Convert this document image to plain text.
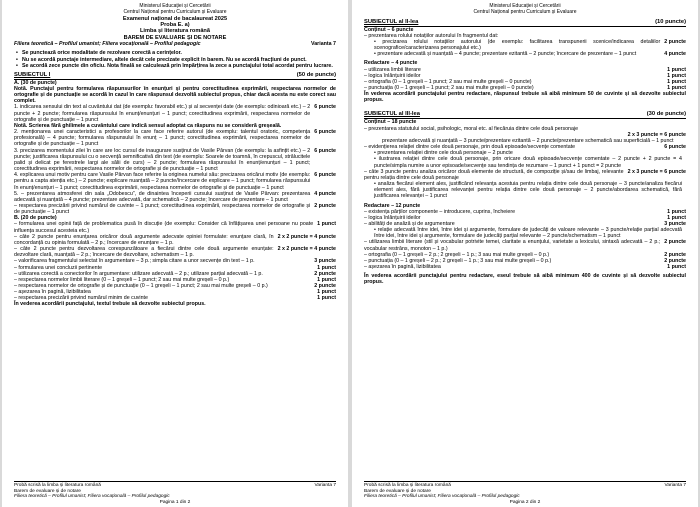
Ministerul Educației și Cercetării
Centrul Național pentru Curriculum și Evaluare
Examenul național de bacalaureat 2025
Proba E. a)
Limba și literatura română
BAREM DE EVALUARE ȘI DE NOTARE
Filiera teoretică – Profilul umanist; Filiera vocațională – Profilul pedagogic	Varianta 7
• Se punctează orice modalitate de rezolvare corectă a cerințelor.
• Nu se acordă punctaje intermediare, altele decât cele precizate explicit în barem. Nu se acordă fracțiuni de punct.
• Se acordă zece puncte din oficiu. Nota finală se calculează prin împărțirea la zece a punctajului total acordat pentru lucrare.
SUBIECTUL I	(50 de puncte)
A. (30 de puncte)
Notă. Punctajul pentru formularea răspunsurilor în enunțuri și pentru corectitudinea exprimării, respectarea normelor de ortografie și de punctuație se acordă în cazul în care răspunsul dezvoltă subiectul propus, chiar dacă acesta nu este corect sau complet.
1. indicarea sensului din text al cuvântului dat (de exemplu: favorabil etc.) și al secvenței date (de exemplu: odinioară etc.) – 2 puncte + 2 puncte; formularea răspunsului în enunț/enunțuri – 1 punct; corectitudinea exprimării, respectarea normelor de ortografie și de punctuație – 1 punct
6 puncte
Notă. Scrierea fără ghilimele a cuvântului care indică sensul adoptat ca răspuns nu se consideră greșeală.
2. menționarea unei caracteristici a profesorilor la care face referire autorul (de exemplu: talentul oratoric, competența profesională) – 4 puncte; formularea răspunsului în enunț – 1 punct; corectitudinea exprimării, respectarea normelor de ortografie și de punctuație – 1 punct
6 puncte
3. precizarea momentului zilei în care are loc cursul de inaugurare susținut de Vasile Pârvan (de exemplu: la asfințit etc.) – 2 puncte; justificarea răspunsului cu o secvență semnificativă din text (de exemplu: Soarele de toamnă, în crepuscul, strălucitele palid și delicat pe ferestrele largi ale sălii de curs) – 2 puncte; formularea răspunsului în enunț/enunțuri – 1 punct; corectitudinea exprimării, respectarea normelor de ortografie și de punctuație – 1 punct
6 puncte
4. explicarea unui motiv pentru care Vasile Pârvan face referire la originea numelui său: precizarea oricărui motiv (de exemplu: pentru a capta atenția etc.) – 2 puncte; explicare nuanțată – 2 puncte/încercare de explicare – 1 punct; formularea răspunsului în enunț/enunțuri – 1 punct; corectitudinea exprimării, respectarea normelor de ortografie și de punctuație – 1 punct
6 puncte
5. – prezentarea atmosferei din sala „Odobescu”, de dinaintea începerii cursului susținut de Vasile Pârvan: prezentarea adecvată și nuanțată – 4 puncte; prezentare adecvată, dar schematică – 2 puncte; încercare de prezentare – 1 punct
4 puncte
– respectarea precizării privind numărul de cuvinte – 1 punct; corectitudinea exprimării, respectarea normelor de ortografie și de punctuație – 1 punct
2 puncte
B. (20 de puncte)
– formularea unei opinii față de problematica pusă în discuție (de exemplu: Consider că înfățișarea unei persoane nu poate influența succesul acesteia etc.)
1 punct
– câte 2 puncte pentru enunțarea oricăror două argumente adecvate opiniei formulate: enunțare clară, în concordanță cu opinia formulată – 2 p.; încercare de enunțare – 1 p.
2 x 2 puncte = 4 puncte
– câte 2 puncte pentru dezvoltarea corespunzătoare a fiecărui dintre cele două argumente enunțate: dezvoltare clară, nuanțată – 2 p.; încercare de dezvoltare, schematism – 1 p.
2 x 2 puncte = 4 puncte
– valorificarea fragmentului selectat în argumentare – 3 p.; simpla citare a unor secvențe din text – 1 p.	3 puncte
– formularea unei concluzii pertinente	1 punct
– utilizarea corectă a conectorilor în argumentare: utilizare adecvată – 2 p.; utilizare parțial adecvată – 1 p.	2 puncte
– respectarea normelor limbii literare (0 – 1 greșeli – 1 punct; 2 sau mai multe greșeli – 0 p.)	1 punct
– respectarea normelor de ortografie și de punctuație (0 – 1 greșeli – 1 punct; 2 sau mai multe greșeli – 0 p.)	2 puncte
– așezarea în pagină, lizibilitatea	1 punct
– respectarea precizării privind numărul minim de cuvinte	1 punct
În vederea acordării punctajului, textul trebuie să dezvolte subiectul propus.
Probă scrisă la limba și literatura română	Varianta 7
Barem de evaluare și de notare
Filiera teoretică – Profilul umanist; Filiera vocațională – Profilul pedagogic
Pagina 1 din 2
Ministerul Educației și Cercetării
Centrul Național pentru Curriculum și Evaluare
SUBIECTUL al II-lea	(10 puncte)
Conținut – 6 puncte
– prezentarea rolului notațiilor autorului în fragmentul dat:
• precizarea rolului notațiilor autorului (de exemplu: facilitarea transpunerii scenice/indicarea detaliilor scenografice/caracterizarea personajului etc.)
2 puncte
• prezentare adecvată și nuanțată – 4 puncte; prezentare ezitantă – 2 puncte; încercare de prezentare – 1 punct	4 puncte
Redactare – 4 puncte
– utilizarea limbii literare	1 punct
– logica înlănțuirii ideilor	1 punct
– ortografia (0 – 1 greșeli – 1 punct; 2 sau mai multe greșeli – 0 puncte)	1 punct
– punctuația (0 – 1 greșeli – 1 punct; 2 sau mai multe greșeli – 0 puncte)	1 punct
În vederea acordării punctajului pentru redactare, răspunsul trebuie să aibă minimum 50 de cuvinte și să dezvolte subiectul propus.
SUBIECTUL al III-lea	(30 de puncte)
Conținut – 18 puncte
– prezentarea statutului social, psihologic, moral etc. al fiecăruia dintre cele două personaje
2 x 3 puncte = 6 puncte
prezentare adecvată și nuanțată – 3 puncte/prezentare ezitantă – 2 puncte/prezentare schematică sau superficială – 1 punct
– evidențierea relației dintre cele două personaje, prin două episoade/secvențe comentate	6 puncte
• prezentarea relației dintre cele două personaje – 2 puncte
• ilustrarea relației dintre cele două personaje, prin oricare două episoade/secvențe comentate – 2 puncte + 2 puncte = 4 puncte/simpla numire a unor episoade/secvențe sau tendința de rezumare – 1 punct + 1 punct = 2 puncte
– câte 3 puncte pentru analiza oricăror două elemente de structură, de compoziție și/sau de limbaj, relevante pentru relația dintre cele două personaje
2 x 3 puncte = 6 puncte
• analiza fiecărui element ales, justificând relevanța acestuia pentru relația dintre cele două personaje – 3 puncte/analiza fiecărui element ales, fără justificarea relevanței pentru relația dintre cele două personaje – 2 puncte/abordarea schematică, fără justificarea relevanței – 1 punct
Redactare – 12 puncte
– existența părților componente – introducere, cuprins, încheiere	1 punct
– logica înlănțuirii ideilor	1 punct
– abilități de analiză și de argumentare	3 puncte
• relație adecvată între idei, între idei și argumente, formulare de judecăți de valoare relevante – 3 puncte/relație parțial adecvată între idei, între idei și argumente, formulare de judecăți parțial relevante – 2 puncte/schematism – 1 punct
– utilizarea limbii literare (stil și vocabular potrivite temei, claritate a enunțului, varietate a lexicului, sintaxă adecvată – 2 p.; vocabular restrâns, monoton – 1 p.)
2 puncte
– ortografia (0 – 1 greșeli – 2 p.; 2 greșeli – 1 p.; 3 sau mai multe greșeli – 0 p.)	2 puncte
– punctuația (0 – 1 greșeli – 2 p.; 2 greșeli – 1 p.; 3 sau mai multe greșeli – 0 p.)	2 puncte
– așezarea în pagină, lizibilitatea	1 punct
În vederea acordării punctajului pentru redactare, eseul trebuie să aibă minimum 400 de cuvinte și să dezvolte subiectul propus.
Probă scrisă la limba și literatura română	Varianta 7
Barem de evaluare și de notare
Filiera teoretică – Profilul umanist; Filiera vocațională – Profilul pedagogic
Pagina 2 din 2
